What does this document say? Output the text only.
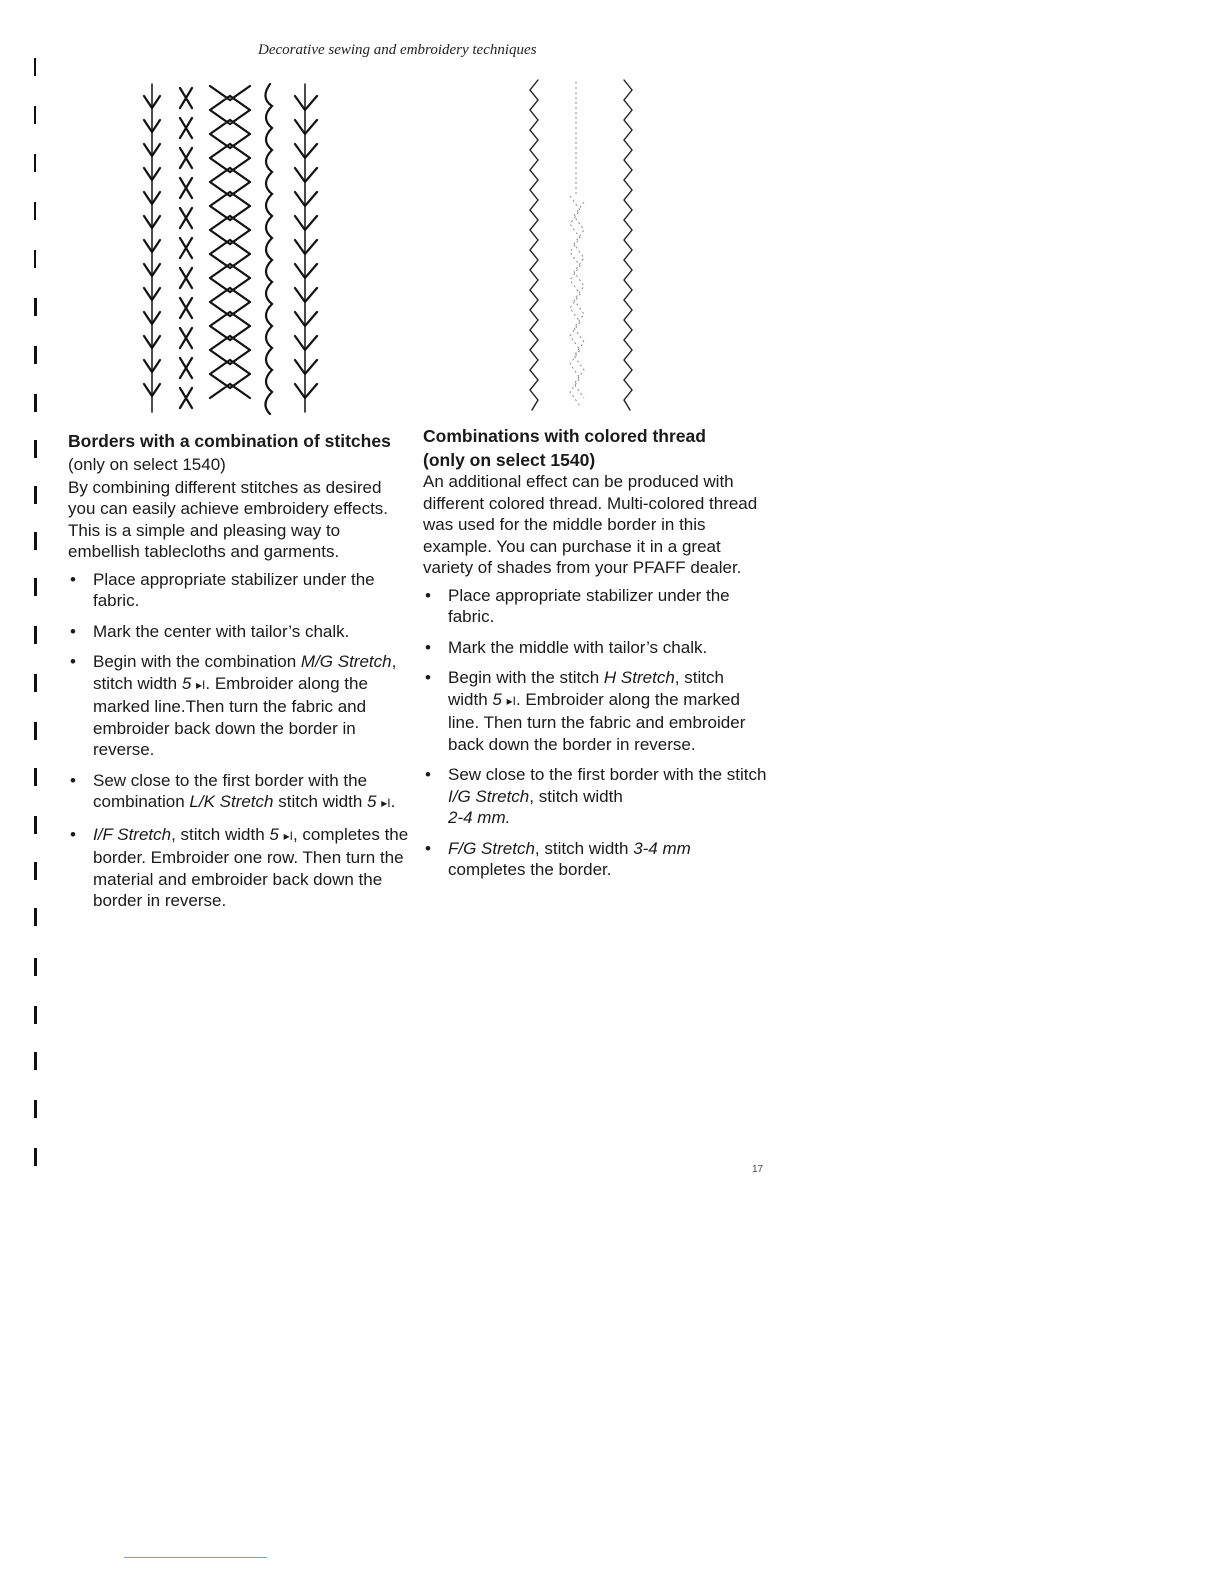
Decorative sewing and embroidery techniques

Borders with a combination of stitches

(only on select 1540)

By combining different stitches as desired you can easily achieve embroidery effects. This is a simple and pleasing way to embellish tablecloths and garments.

• Place appropriate stabilizer under the fabric.
• Mark the center with tailor’s chalk.
• Begin with the combination M/G Stretch, stitch width 5 ▸I. Embroider along the marked line.Then turn the fabric and embroider back down the border in reverse.
• Sew close to the first border with the combination L/K Stretch stitch width 5 ▸I.
• I/F Stretch, stitch width 5 ▸I, completes the border. Embroider one row. Then turn the material and embroider back down the border in reverse.

Combinations with colored thread

(only on select 1540)

An additional effect can be produced with different colored thread. Multi-colored thread was used for the middle border in this example. You can purchase it in a great variety of shades from your PFAFF dealer.

• Place appropriate stabilizer under the fabric.
• Mark the middle with tailor’s chalk.
• Begin with the stitch H Stretch, stitch width 5 ▸I. Embroider along the marked line. Then turn the fabric and embroider back down the border in reverse.
• Sew close to the first border with the stitch I/G Stretch, stitch width
2-4 mm.
• F/G Stretch, stitch width 3-4 mm completes the border.
17
